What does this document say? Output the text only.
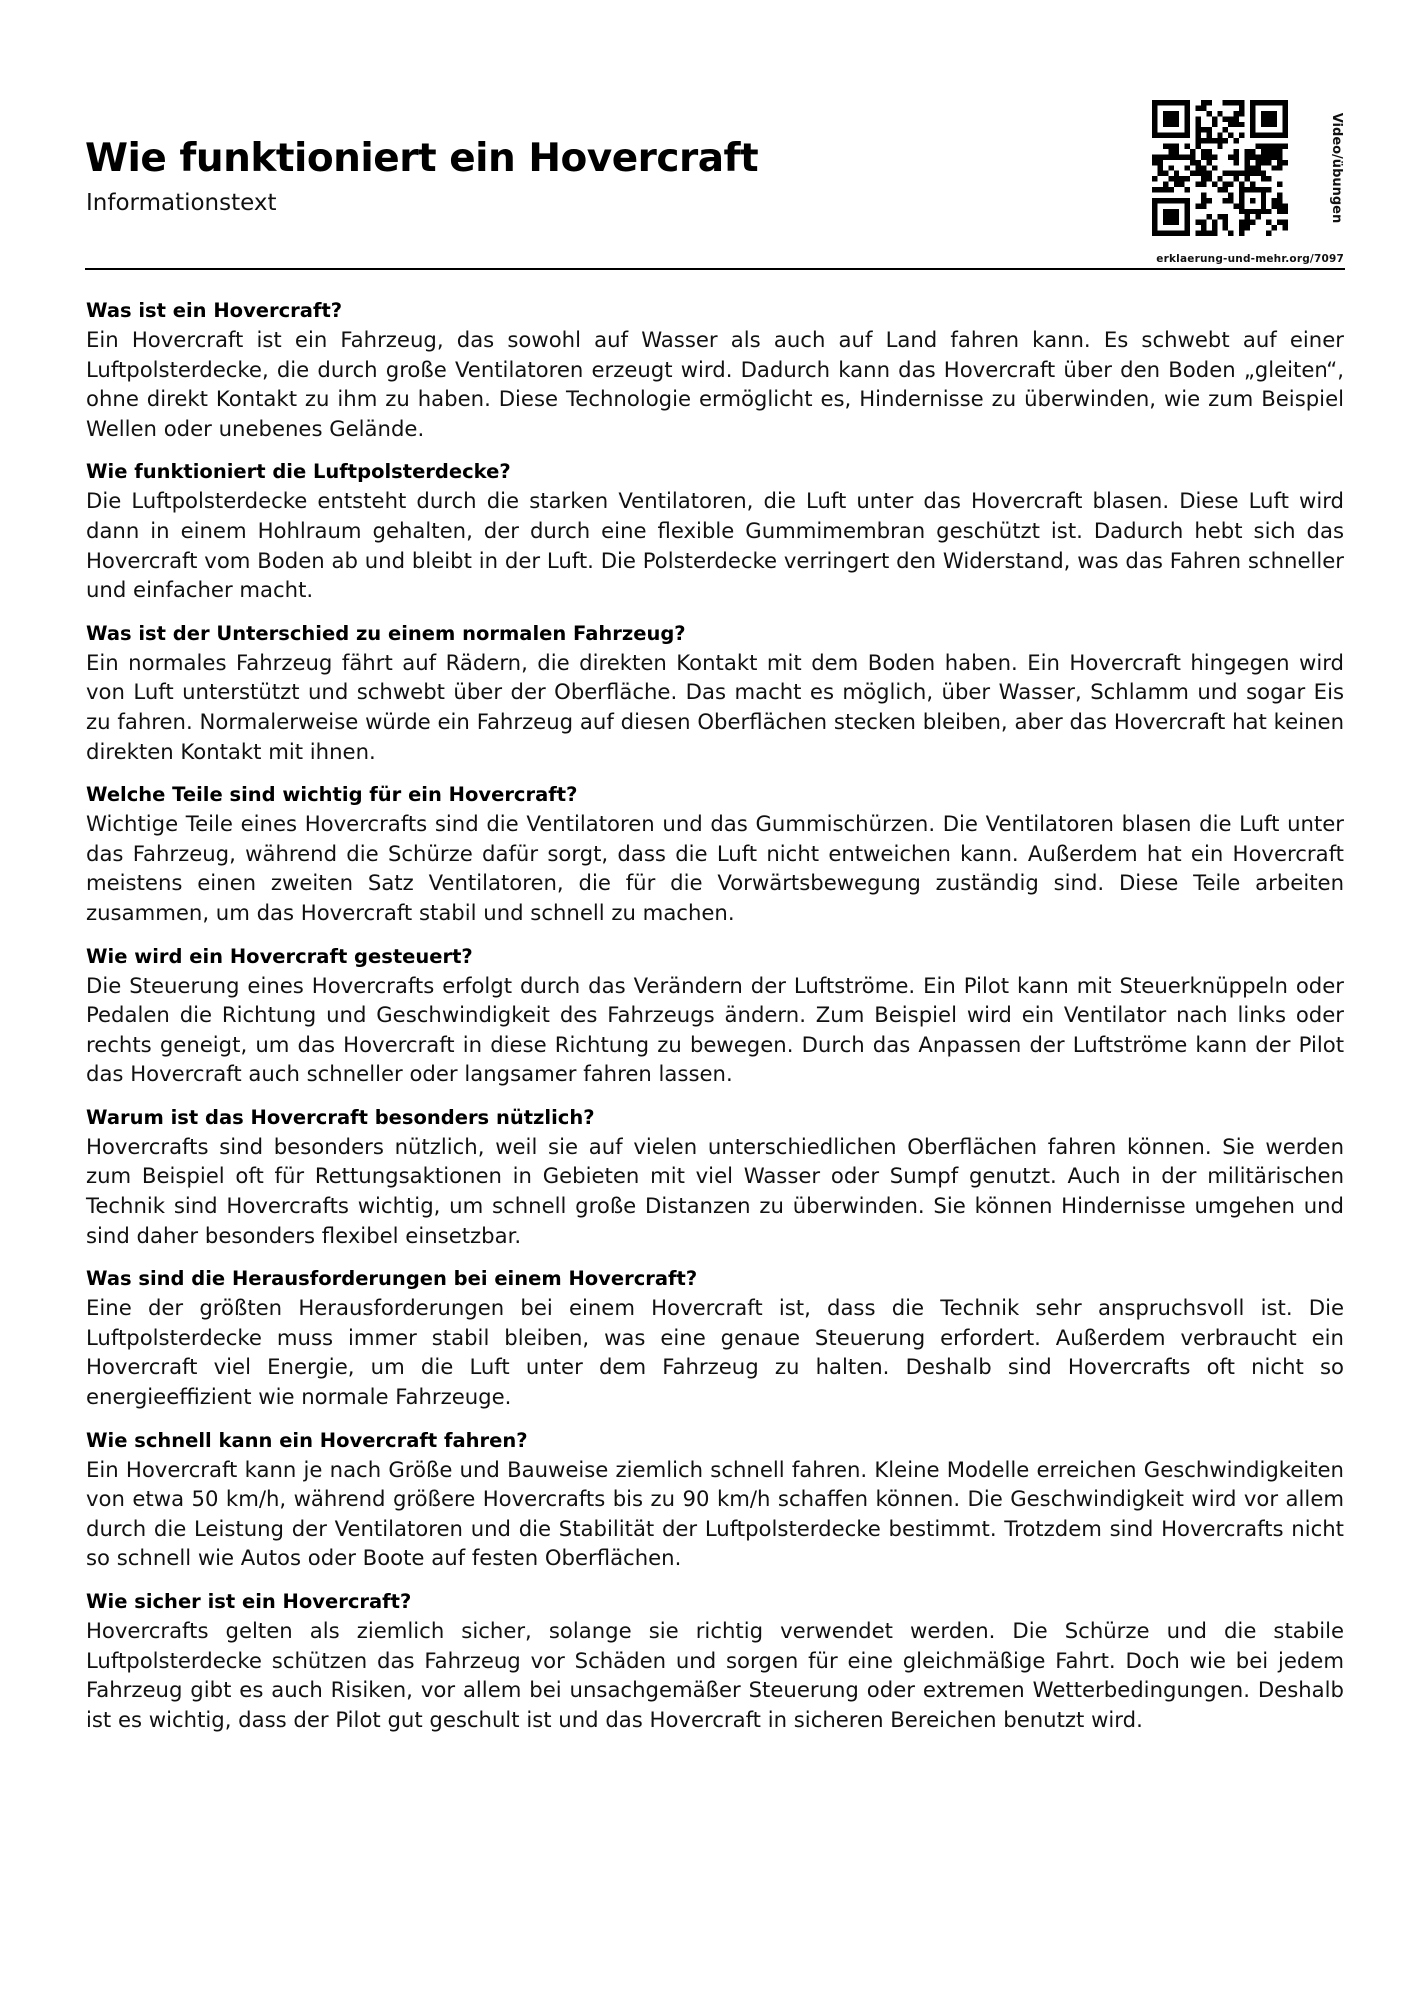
Wie funktioniert ein Hovercraft
Informationstext	Video/übungen
erklaerung-und-mehr.org/7097
Was ist ein Hovercraft?

Ein Hovercraft ist ein Fahrzeug, das sowohl auf Wasser als auch auf Land fahren kann. Es schwebt auf einer Luftpolsterdecke, die durch große Ventilatoren erzeugt wird. Dadurch kann das Hovercraft über den Boden „gleiten“, ohne direkt Kontakt zu ihm zu haben. Diese Technologie ermöglicht es, Hindernisse zu überwinden, wie zum Beispiel Wellen oder unebenes Gelände.

Wie funktioniert die Luftpolsterdecke?

Die Luftpolsterdecke entsteht durch die starken Ventilatoren, die Luft unter das Hovercraft blasen. Diese Luft wird dann in einem Hohlraum gehalten, der durch eine flexible Gummimembran geschützt ist. Dadurch hebt sich das Hovercraft vom Boden ab und bleibt in der Luft. Die Polsterdecke verringert den Widerstand, was das Fahren schneller und einfacher macht.

Was ist der Unterschied zu einem normalen Fahrzeug?

Ein normales Fahrzeug fährt auf Rädern, die direkten Kontakt mit dem Boden haben. Ein Hovercraft hingegen wird von Luft unterstützt und schwebt über der Oberfläche. Das macht es möglich, über Wasser, Schlamm und sogar Eis zu fahren. Normalerweise würde ein Fahrzeug auf diesen Oberflächen stecken bleiben, aber das Hovercraft hat keinen direkten Kontakt mit ihnen.

Welche Teile sind wichtig für ein Hovercraft?

Wichtige Teile eines Hovercrafts sind die Ventilatoren und das Gummischürzen. Die Ventilatoren blasen die Luft unter das Fahrzeug, während die Schürze dafür sorgt, dass die Luft nicht entweichen kann. Außerdem hat ein Hovercraft meistens einen zweiten Satz Ventilatoren, die für die Vorwärtsbewegung zuständig sind. Diese Teile arbeiten zusammen, um das Hovercraft stabil und schnell zu machen.

Wie wird ein Hovercraft gesteuert?

Die Steuerung eines Hovercrafts erfolgt durch das Verändern der Luftströme. Ein Pilot kann mit Steuerknüppeln oder Pedalen die Richtung und Geschwindigkeit des Fahrzeugs ändern. Zum Beispiel wird ein Ventilator nach links oder rechts geneigt, um das Hovercraft in diese Richtung zu bewegen. Durch das Anpassen der Luftströme kann der Pilot das Hovercraft auch schneller oder langsamer fahren lassen.

Warum ist das Hovercraft besonders nützlich?

Hovercrafts sind besonders nützlich, weil sie auf vielen unterschiedlichen Oberflächen fahren können. Sie werden zum Beispiel oft für Rettungsaktionen in Gebieten mit viel Wasser oder Sumpf genutzt. Auch in der militärischen Technik sind Hovercrafts wichtig, um schnell große Distanzen zu überwinden. Sie können Hindernisse umgehen und sind daher besonders flexibel einsetzbar.

Was sind die Herausforderungen bei einem Hovercraft?

Eine der größten Herausforderungen bei einem Hovercraft ist, dass die Technik sehr anspruchsvoll ist. Die Luftpolsterdecke muss immer stabil bleiben, was eine genaue Steuerung erfordert. Außerdem verbraucht ein Hovercraft viel Energie, um die Luft unter dem Fahrzeug zu halten. Deshalb sind Hovercrafts oft nicht so energieeffizient wie normale Fahrzeuge.

Wie schnell kann ein Hovercraft fahren?

Ein Hovercraft kann je nach Größe und Bauweise ziemlich schnell fahren. Kleine Modelle erreichen Geschwindigkeiten von etwa 50 km/h, während größere Hovercrafts bis zu 90 km/h schaffen können. Die Geschwindigkeit wird vor allem durch die Leistung der Ventilatoren und die Stabilität der Luftpolsterdecke bestimmt. Trotzdem sind Hovercrafts nicht so schnell wie Autos oder Boote auf festen Oberflächen.

Wie sicher ist ein Hovercraft?

Hovercrafts gelten als ziemlich sicher, solange sie richtig verwendet werden. Die Schürze und die stabile Luftpolsterdecke schützen das Fahrzeug vor Schäden und sorgen für eine gleichmäßige Fahrt. Doch wie bei jedem Fahrzeug gibt es auch Risiken, vor allem bei unsachgemäßer Steuerung oder extremen Wetterbedingungen. Deshalb ist es wichtig, dass der Pilot gut geschult ist und das Hovercraft in sicheren Bereichen benutzt wird.
